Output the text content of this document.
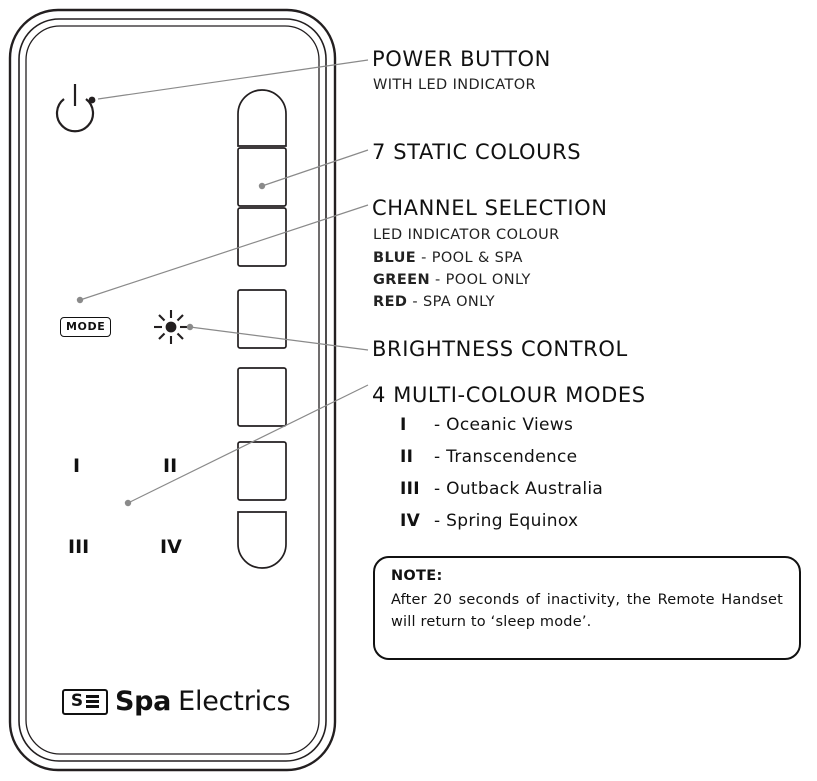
MODE
I	II
III	IV
S Spa Electrics
POWER BUTTON
WITH LED INDICATOR
7 STATIC COLOURS
CHANNEL SELECTION
LED INDICATOR COLOUR
BLUE - POOL & SPA
GREEN - POOL ONLY
RED - SPA ONLY
BRIGHTNESS CONTROL
4 MULTI-COLOUR MODES
I - Oceanic Views
II - Transcendence
III - Outback Australia
IV - Spring Equinox
NOTE:
After 20 seconds of inactivity, the Remote Handset will return to ‘sleep mode’.
